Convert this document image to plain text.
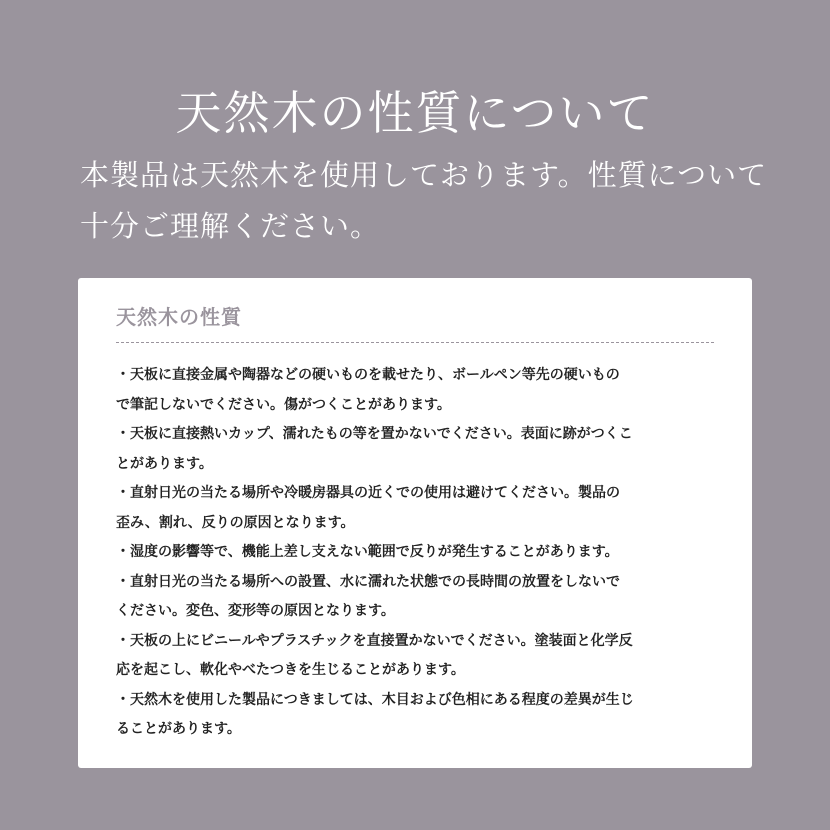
天然木の性質について
本製品は天然木を使用しております。性質について
十分ご理解ください。
天然木の性質
・天板に直接金属や陶器などの硬いものを載せたり、ボールペン等先の硬いもの
で筆記しないでください。傷がつくことがあります。
・天板に直接熱いカップ、濡れたもの等を置かないでください。表面に跡がつくこ
とがあります。
・直射日光の当たる場所や冷暖房器具の近くでの使用は避けてください。製品の
歪み、割れ、反りの原因となります。
・湿度の影響等で、機能上差し支えない範囲で反りが発生することがあります。
・直射日光の当たる場所への設置、水に濡れた状態での長時間の放置をしないで
ください。変色、変形等の原因となります。
・天板の上にビニールやプラスチックを直接置かないでください。塗装面と化学反
応を起こし、軟化やべたつきを生じることがあります。
・天然木を使用した製品につきましては、木目および色相にある程度の差異が生じ
ることがあります。
